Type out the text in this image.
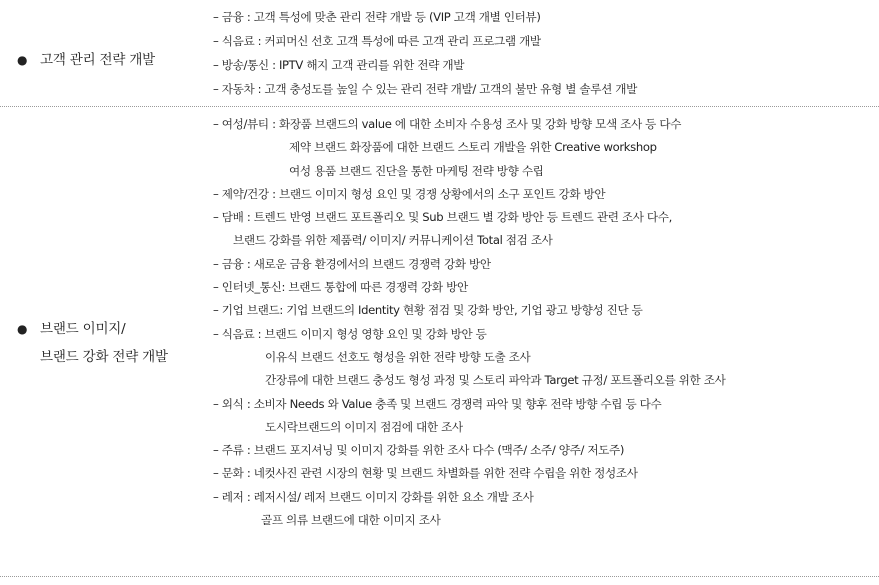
● 고객 관리 전략 개발
– 금융 : 고객 특성에 맞춘 관리 전략 개발 등 (VIP 고객 개별 인터뷰)
– 식음료 : 커피머신 선호 고객 특성에 따른 고객 관리 프로그램 개발
– 방송/통신 : IPTV 해지 고객 관리를 위한 전략 개발
– 자동차 : 고객 충성도를 높일 수 있는 관리 전략 개발/ 고객의 불만 유형 별 솔루션 개발
● 브랜드 이미지/
브랜드 강화 전략 개발
– 여성/뷰티 : 화장품 브랜드의 value 에 대한 소비자 수용성 조사 및 강화 방향 모색 조사 등 다수
제약 브랜드 화장품에 대한 브랜드 스토리 개발을 위한 Creative workshop
여성 용품 브랜드 진단을 통한 마케팅 전략 방향 수립
– 제약/건강 : 브랜드 이미지 형성 요인 및 경쟁 상황에서의 소구 포인트 강화 방안
– 담배 : 트렌드 반영 브랜드 포트폴리오 및 Sub 브랜드 별 강화 방안 등 트렌드 관련 조사 다수,
브랜드 강화를 위한 제품력/ 이미지/ 커뮤니케이션 Total 점검 조사
– 금융 : 새로운 금융 환경에서의 브랜드 경쟁력 강화 방안
– 인터넷_통신: 브랜드 통합에 따른 경쟁력 강화 방안
– 기업 브랜드: 기업 브랜드의 Identity 현황 점검 및 강화 방안, 기업 광고 방향성 진단 등
– 식음료 : 브랜드 이미지 형성 영향 요인 및 강화 방안 등
이유식 브랜드 선호도 형성을 위한 전략 방향 도출 조사
간장류에 대한 브랜드 충성도 형성 과정 및 스토리 파악과 Target 규정/ 포트폴리오를 위한 조사
– 외식 : 소비자 Needs 와 Value 충족 및 브랜드 경쟁력 파악 및 향후 전략 방향 수립 등 다수
도시락브랜드의 이미지 점검에 대한 조사
– 주류 : 브랜드 포지셔닝 및 이미지 강화를 위한 조사 다수 (맥주/ 소주/ 양주/ 저도주)
– 문화 : 네컷사진 관련 시장의 현황 및 브랜드 차별화를 위한 전략 수립을 위한 정성조사
– 레저 : 레저시설/ 레저 브랜드 이미지 강화를 위한 요소 개발 조사
골프 의류 브랜드에 대한 이미지 조사
